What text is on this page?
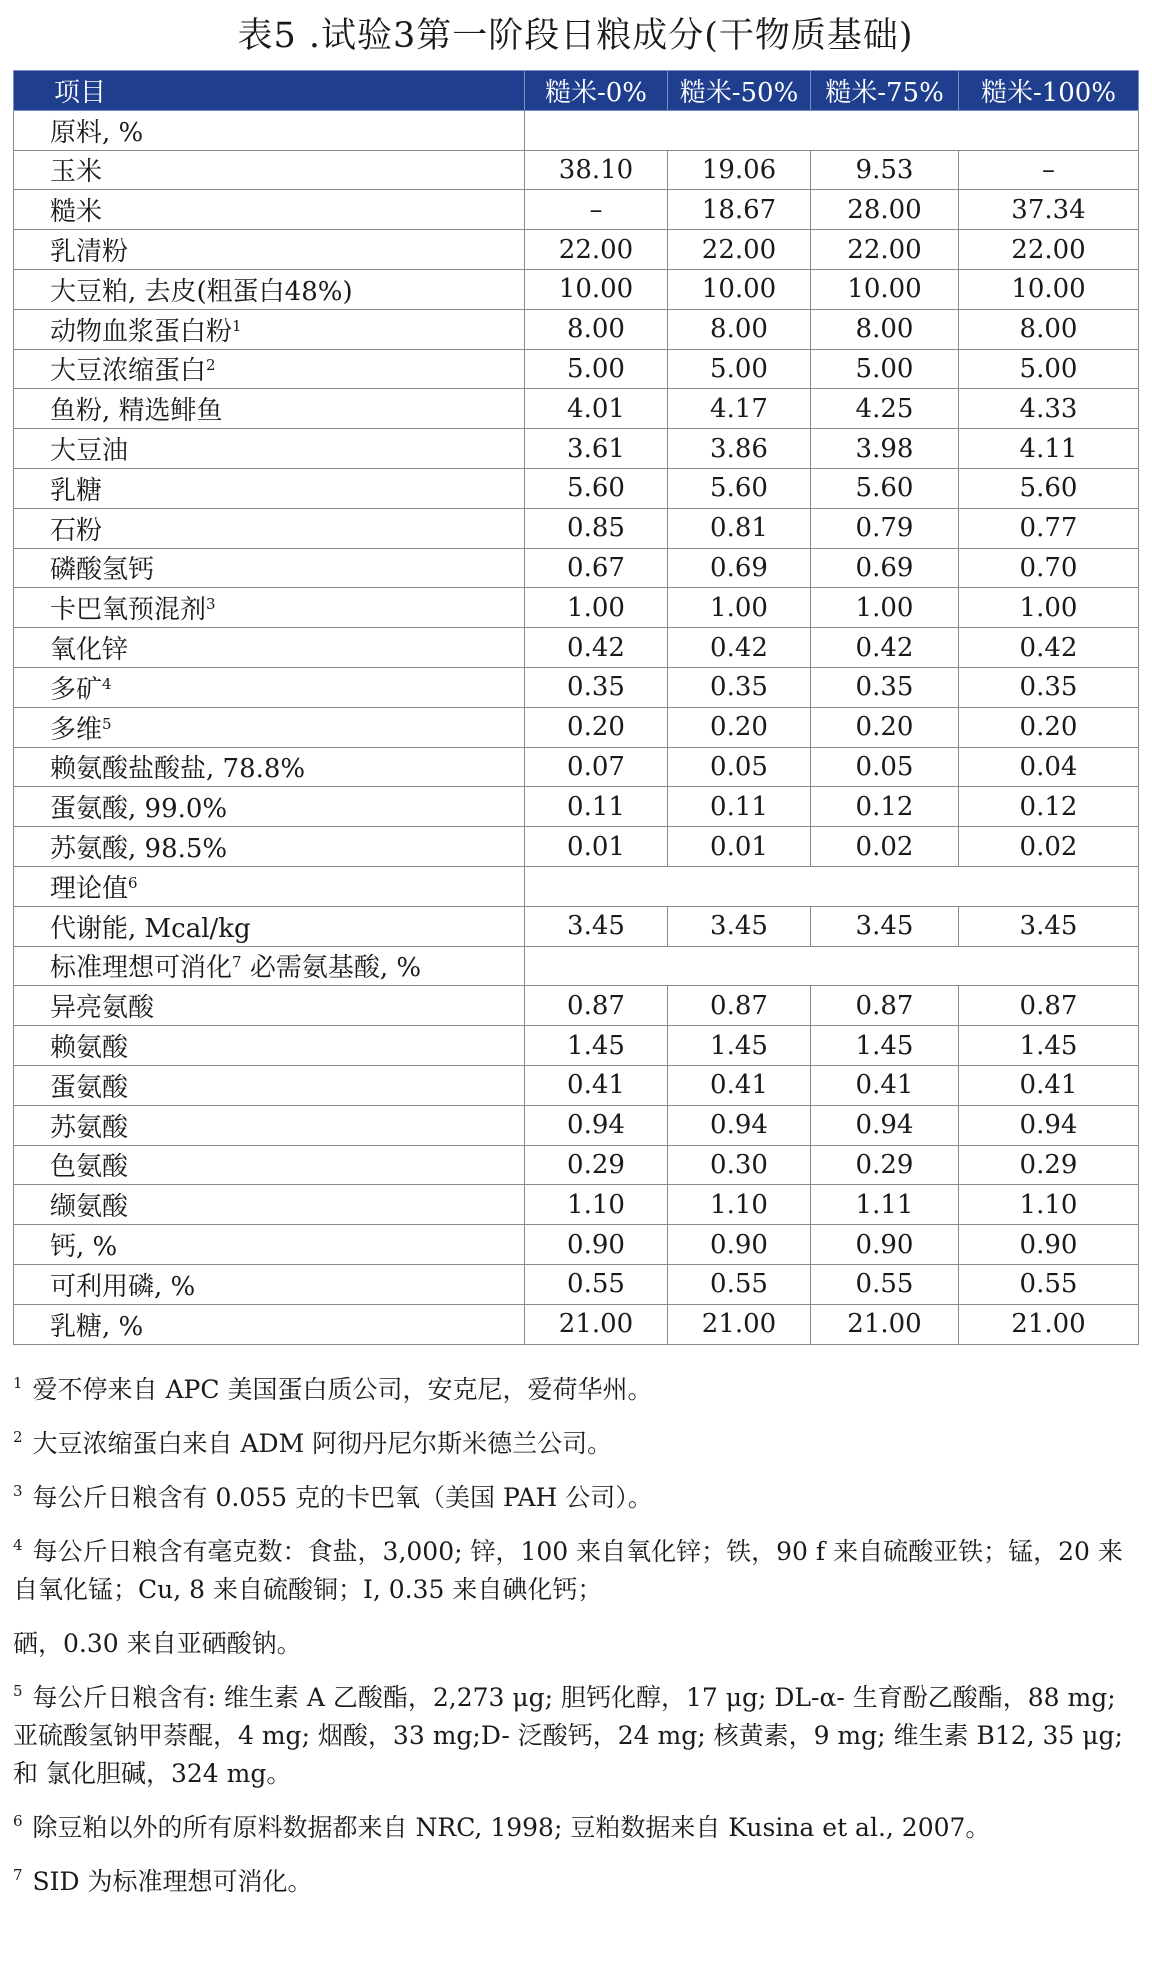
表5 .试验3第一阶段日粮成分(干物质基础)
项目	糙米-0%	糙米-50%	糙米-75%	糙米-100%
原料, %				
玉米	38.10	19.06	9.53	–
糙米	–	18.67	28.00	37.34
乳清粉	22.00	22.00	22.00	22.00
大豆粕, 去皮(粗蛋白48%)	10.00	10.00	10.00	10.00
动物血浆蛋白粉$^1$	8.00	8.00	8.00	8.00
大豆浓缩蛋白$^2$	5.00	5.00	5.00	5.00
鱼粉, 精选鲱鱼	4.01	4.17	4.25	4.33
大豆油	3.61	3.86	3.98	4.11
乳糖	5.60	5.60	5.60	5.60
石粉	0.85	0.81	0.79	0.77
磷酸氢钙	0.67	0.69	0.69	0.70
卡巴氧预混剂$^3$	1.00	1.00	1.00	1.00
氧化锌	0.42	0.42	0.42	0.42
多矿$^4$	0.35	0.35	0.35	0.35
多维$^5$	0.20	0.20	0.20	0.20
赖氨酸盐酸盐, 78.8%	0.07	0.05	0.05	0.04
蛋氨酸, 99.0%	0.11	0.11	0.12	0.12
苏氨酸, 98.5%	0.01	0.01	0.02	0.02
理论值$^6$	
代谢能, Mcal/kg	3.45	3.45	3.45	3.45
标准理想可消化$^7$ 必需氨基酸, %				
异亮氨酸	0.87	0.87	0.87	0.87
赖氨酸	1.45	1.45	1.45	1.45
蛋氨酸	0.41	0.41	0.41	0.41
苏氨酸	0.94	0.94	0.94	0.94
色氨酸	0.29	0.30	0.29	0.29
缬氨酸	1.10	1.10	1.11	1.10
钙, %	0.90	0.90	0.90	0.90
可利用磷, %	0.55	0.55	0.55	0.55
乳糖, %	21.00	21.00	21.00	21.00

$^1$ 爱不停来自 APC 美国蛋白质公司，安克尼，爱荷华州。

$^2$ 大豆浓缩蛋白来自 ADM 阿彻丹尼尔斯米德兰公司。

$^3$ 每公斤日粮含有 0.055 克的卡巴氧（美国 PAH 公司）。

$^4$ 每公斤日粮含有毫克数：食盐，3,000; 锌，100 来自氧化锌；铁，90 f 来自硫酸亚铁；锰，20 来自氧化锰；Cu, 8 来自硫酸铜；I, 0.35 来自碘化钙；

硒，0.30 来自亚硒酸钠。

$^5$ 每公斤日粮含有: 维生素 A 乙酸酯，2,273 μg; 胆钙化醇，17 μg; DL-α- 生育酚乙酸酯，88 mg; 亚硫酸氢钠甲萘醌，4 mg; 烟酸，33 mg;D- 泛酸钙，24 mg; 核黄素，9 mg; 维生素 B12, 35 μg; 和 氯化胆碱，324 mg。

$^6$ 除豆粕以外的所有原料数据都来自 NRC, 1998; 豆粕数据来自 Kusina et al., 2007。

$^7$ SID 为标准理想可消化。
